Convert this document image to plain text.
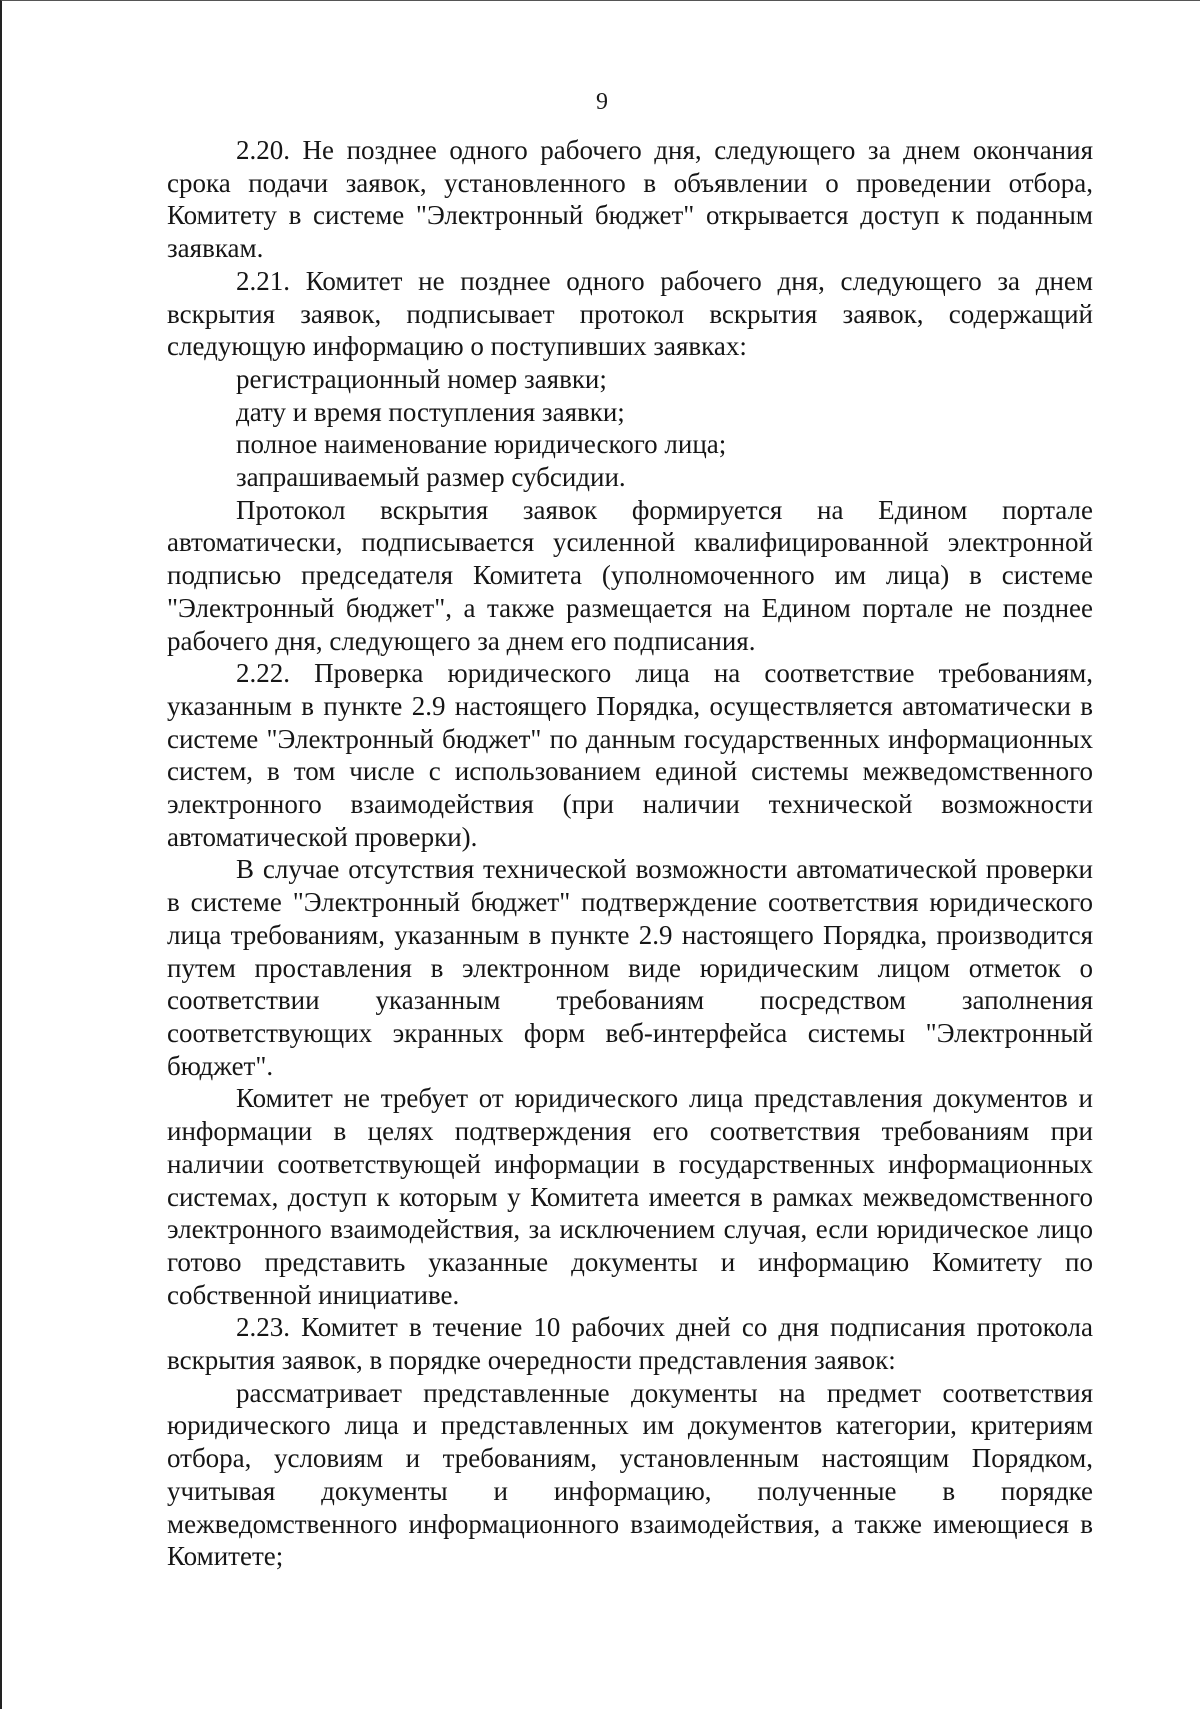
9

2.20. Не позднее одного рабочего дня, следующего за днем окончания срока подачи заявок, установленного в объявлении о проведении отбора, Комитету в системе "Электронный бюджет" открывается доступ к поданным заявкам.

2.21. Комитет не позднее одного рабочего дня, следующего за днем вскрытия заявок, подписывает протокол вскрытия заявок, содержащий следующую информацию о поступивших заявках:

регистрационный номер заявки;

дату и время поступления заявки;

полное наименование юридического лица;

запрашиваемый размер субсидии.

Протокол вскрытия заявок формируется на Едином портале автоматически, подписывается усиленной квалифицированной электронной подписью председателя Комитета (уполномоченного им лица) в системе "Электронный бюджет", а также размещается на Едином портале не позднее рабочего дня, следующего за днем его подписания.

2.22. Проверка юридического лица на соответствие требованиям, указанным в пункте 2.9 настоящего Порядка, осуществляется автоматически в системе "Электронный бюджет" по данным государственных информационных систем, в том числе с использованием единой системы межведомственного электронного взаимодействия (при наличии технической возможности автоматической проверки).

В случае отсутствия технической возможности автоматической проверки в системе "Электронный бюджет" подтверждение соответствия юридического лица требованиям, указанным в пункте 2.9 настоящего Порядка, производится путем проставления в электронном виде юридическим лицом отметок о соответствии указанным требованиям посредством заполнения соответствующих экранных форм веб-интерфейса системы "Электронный бюджет".

Комитет не требует от юридического лица представления документов и информации в целях подтверждения его соответствия требованиям при наличии соответствующей информации в государственных информационных системах, доступ к которым у Комитета имеется в рамках межведомственного электронного взаимодействия, за исключением случая, если юридическое лицо готово представить указанные документы и информацию Комитету по собственной инициативе.

2.23. Комитет в течение 10 рабочих дней со дня подписания протокола вскрытия заявок, в порядке очередности представления заявок:

рассматривает представленные документы на предмет соответствия юридического лица и представленных им документов категории, критериям отбора, условиям и требованиям, установленным настоящим Порядком, учитывая документы и информацию, полученные в порядке межведомственного информационного взаимодействия, а также имеющиеся в Комитете;
